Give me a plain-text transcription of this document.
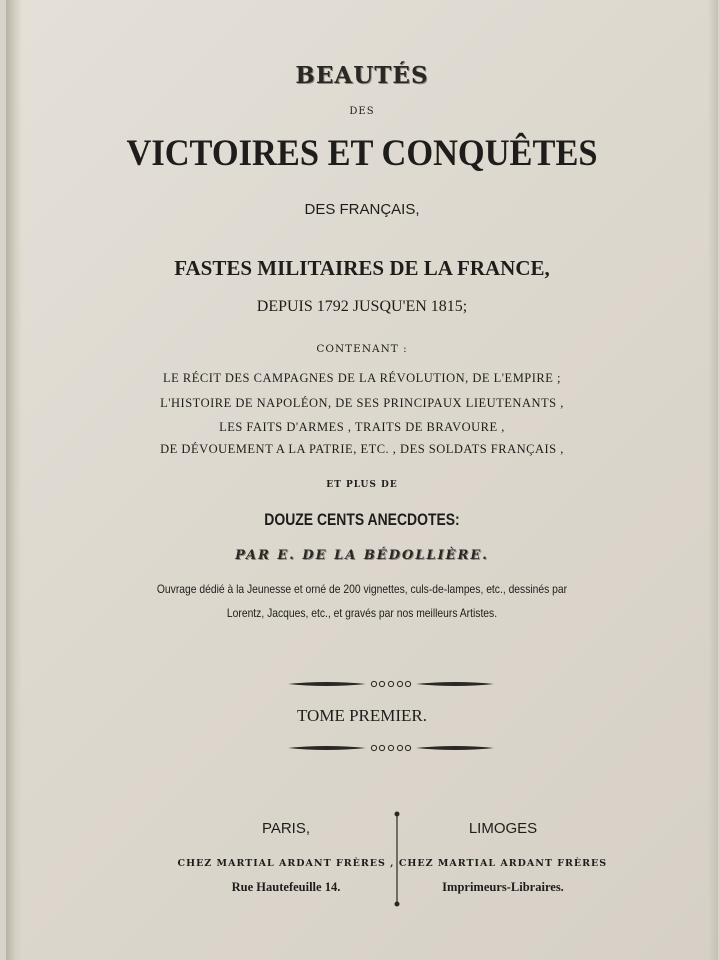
BEAUTÉS
DES
VICTOIRES ET CONQUÊTES
DES FRANÇAIS,
FASTES MILITAIRES DE LA FRANCE,
DEPUIS 1792 JUSQU'EN 1815;
CONTENANT :
LE RÉCIT DES CAMPAGNES DE LA RÉVOLUTION, DE L'EMPIRE ;
L'HISTOIRE DE NAPOLÉON, DE SES PRINCIPAUX LIEUTENANTS ,
LES FAITS D'ARMES , TRAITS DE BRAVOURE ,
DE DÉVOUEMENT A LA PATRIE, ETC. , DES SOLDATS FRANÇAIS ,
ET PLUS DE
DOUZE CENTS ANECDOTES:
PAR E. DE LA BÉDOLLIÈRE.
Ouvrage dédié à la Jeunesse et orné de 200 vignettes, culs-de-lampes, etc., dessinés par
Lorentz, Jacques, etc., et gravés par nos meilleurs Artistes.
TOME PREMIER.
PARIS,
CHEZ MARTIAL ARDANT FRÈRES ,
Rue Hautefeuille 14.
LIMOGES
CHEZ MARTIAL ARDANT FRÈRES
Imprimeurs-Libraires.
